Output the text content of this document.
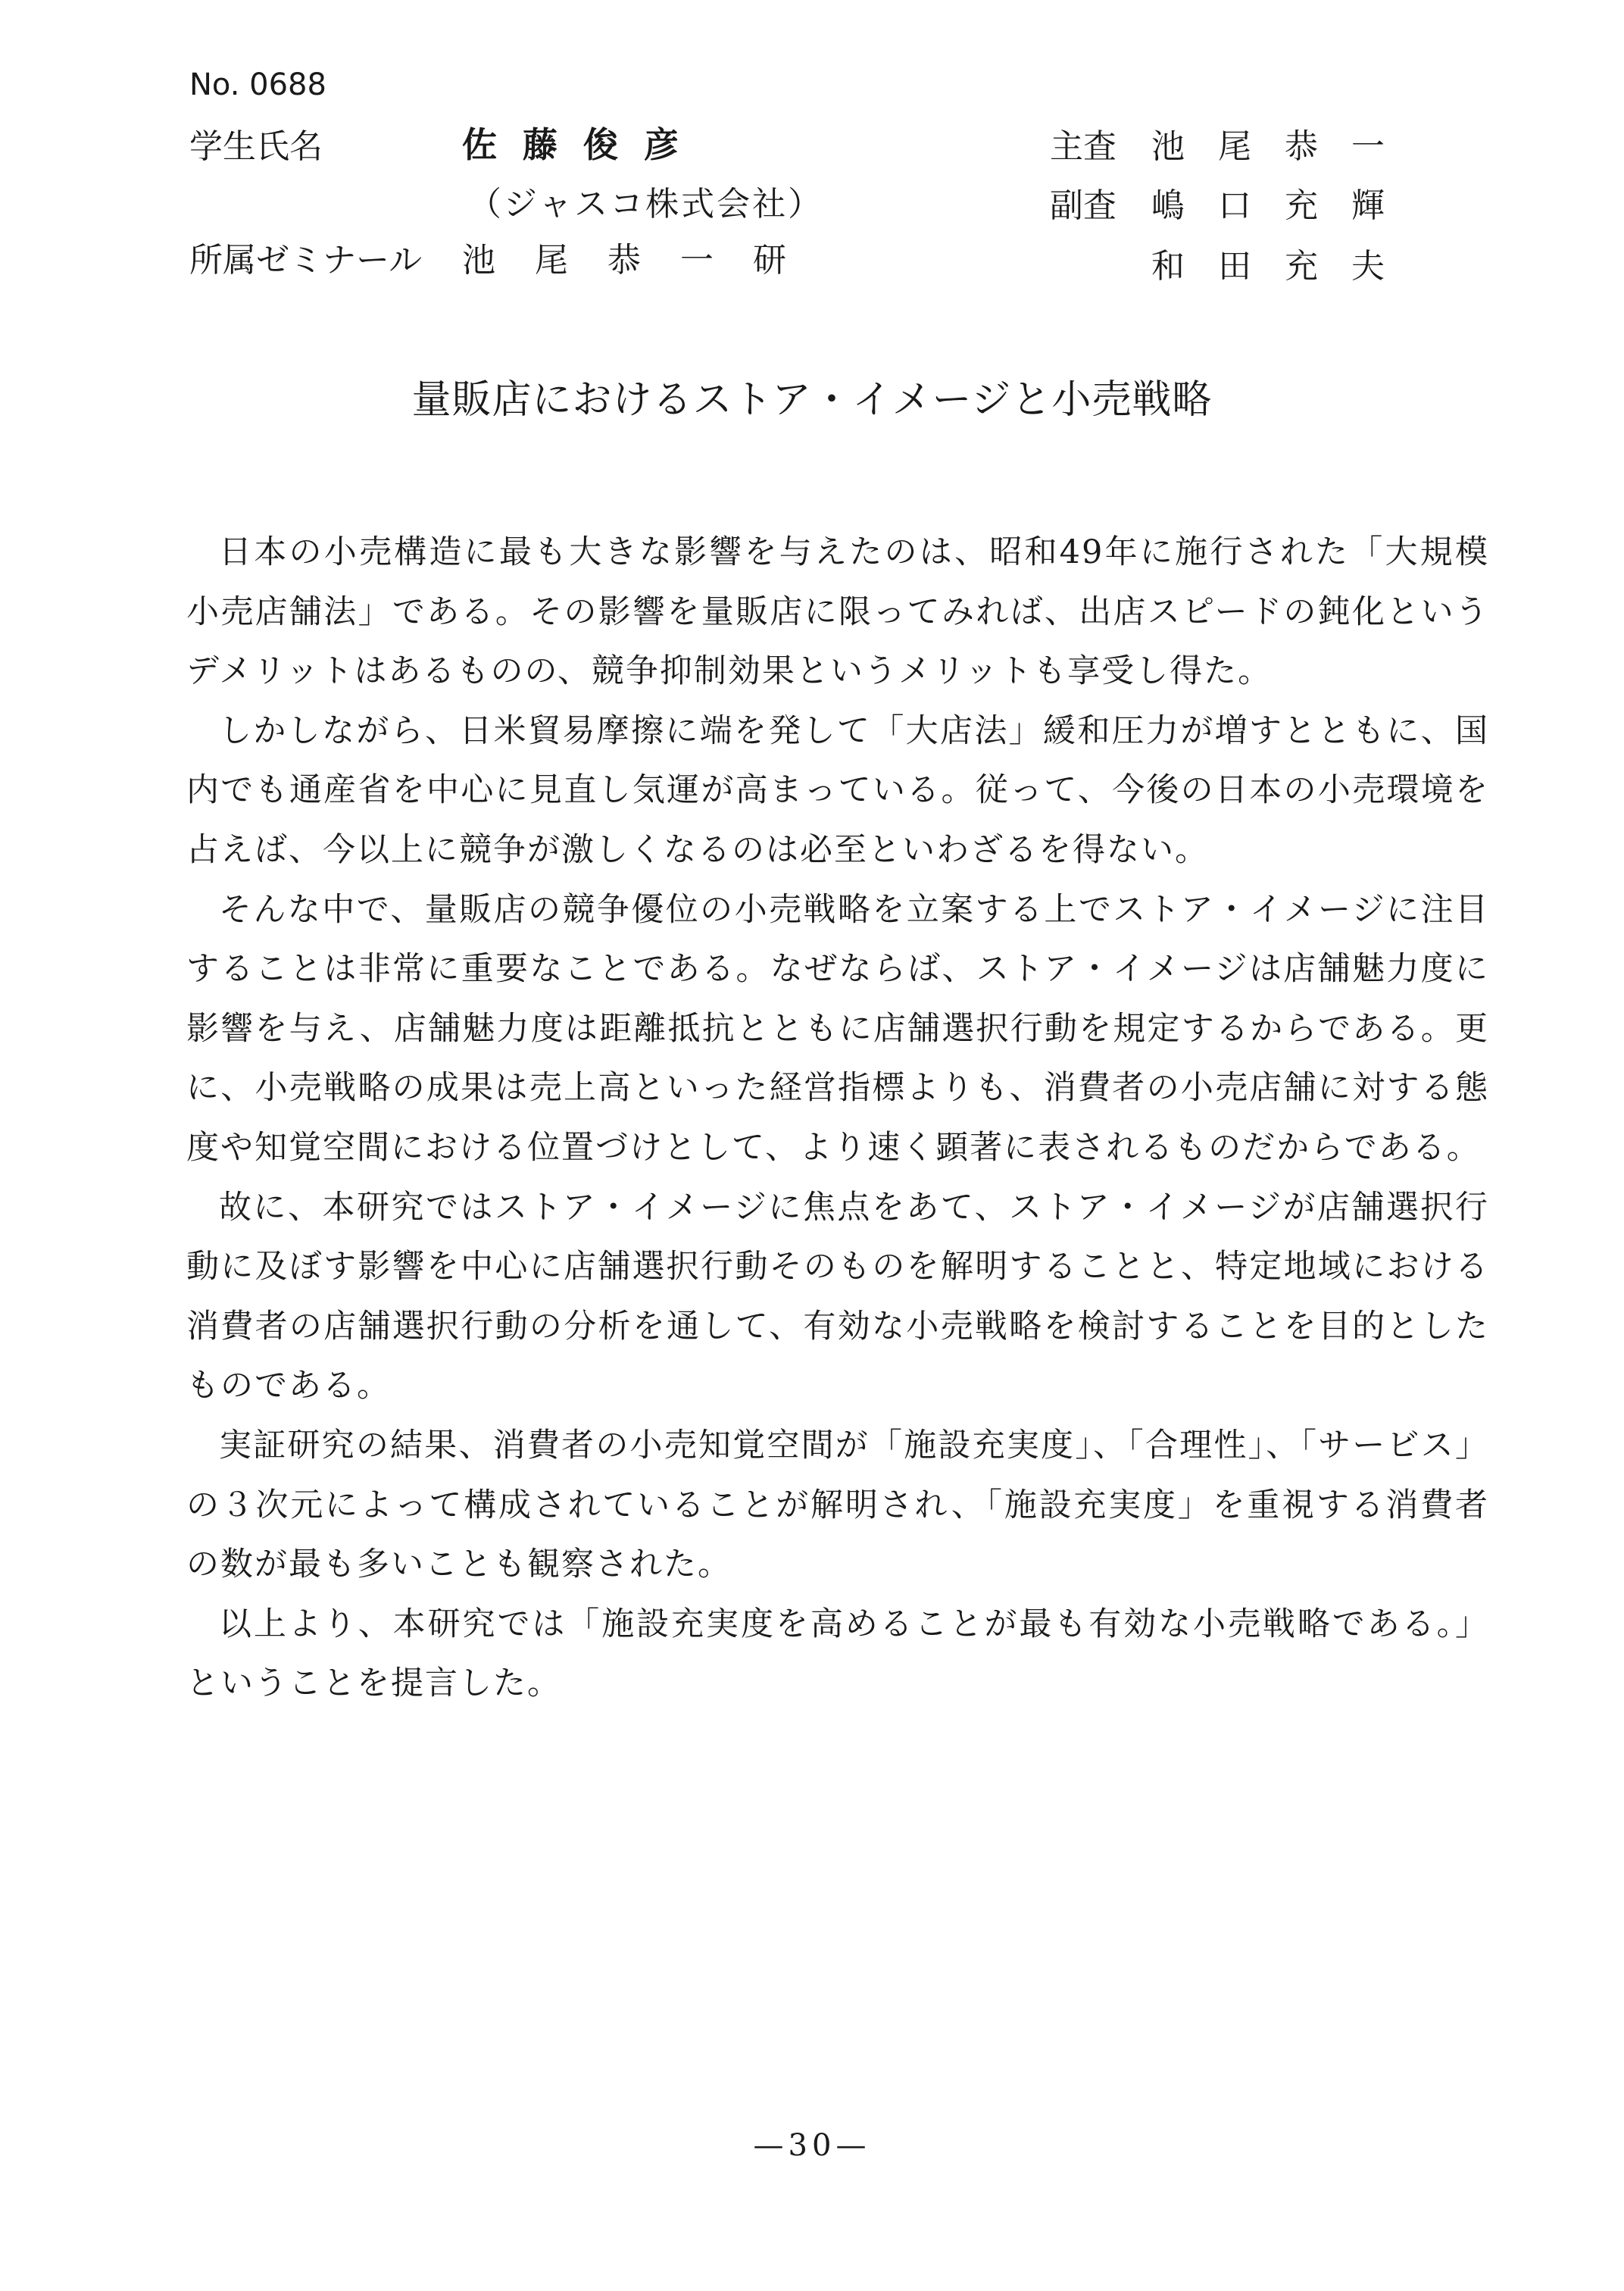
No. 0688
学生氏名	佐藤俊彦
（ジャスコ株式会社）
所属ゼミナール 池尾恭一研
主査 池尾恭一
副査 嶋口充輝
和田充夫
量販店におけるストア・イメージと小売戦略

日本の小売構造に最も大きな影響を与えたのは、昭和49年に施行された「大規模小売店舗法」である。その影響を量販店に限ってみれば、出店スピードの鈍化というデメリットはあるものの、競争抑制効果というメリットも享受し得た。

しかしながら、日米貿易摩擦に端を発して「大店法」緩和圧力が増すとともに、国内でも通産省を中心に見直し気運が高まっている。従って、今後の日本の小売環境を占えば、今以上に競争が激しくなるのは必至といわざるを得ない。

そんな中で、量販店の競争優位の小売戦略を立案する上でストア・イメージに注目することは非常に重要なことである。なぜならば、ストア・イメージは店舗魅力度に影響を与え、店舗魅力度は距離抵抗とともに店舗選択行動を規定するからである。更に、小売戦略の成果は売上高といった経営指標よりも、消費者の小売店舗に対する態度や知覚空間における位置づけとして、より速く顕著に表されるものだからである。

故に、本研究ではストア・イメージに焦点をあて、ストア・イメージが店舗選択行動に及ぼす影響を中心に店舗選択行動そのものを解明することと、特定地域における消費者の店舗選択行動の分析を通して、有効な小売戦略を検討することを目的としたものである。

実証研究の結果、消費者の小売知覚空間が「施設充実度」、「合理性」、「サービス」の３次元によって構成されていることが解明され、「施設充実度」を重視する消費者の数が最も多いことも観察された。

以上より、本研究では「施設充実度を高めることが最も有効な小売戦略である。」ということを提言した。

—30—
